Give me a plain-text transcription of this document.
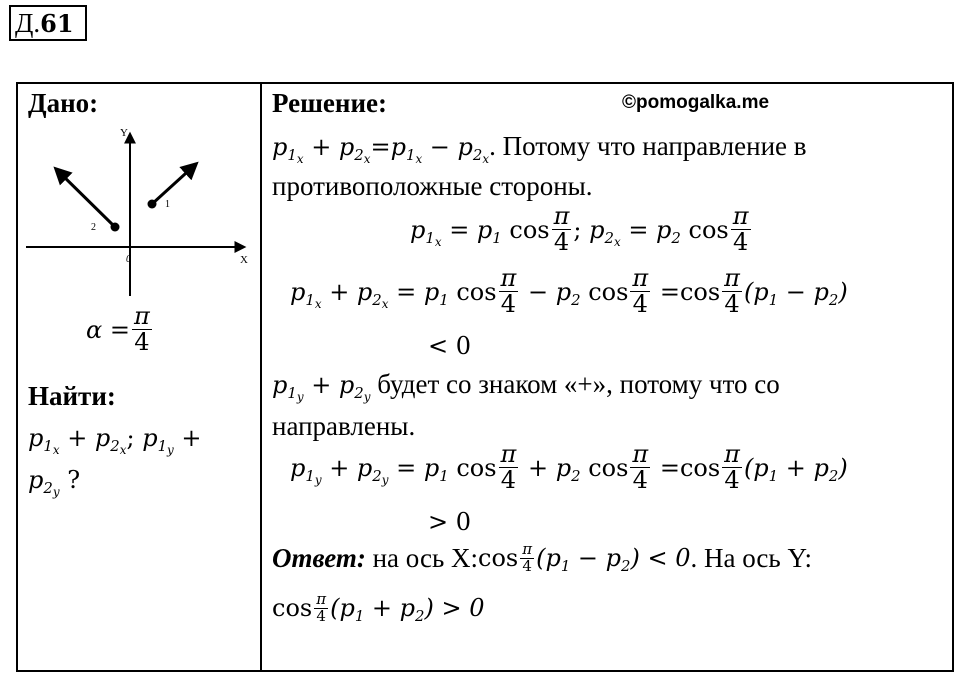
Д.61
Дано:
Y
X
0
1
2
$\alpha = \frac{\pi}{4}$
Найти:
$p_{1_x} + p_{2_x}$; $p_{1_y}$ +
$p_{2_y}$ ?
Решение:	©pomogalka.me
$p_{1_x} + p_{2_x}=p_{1_x} - p_{2_x}$. Потому что направление в
противоположные стороны.
$p_{1_x} = p_1$
cos π
4 ; $p_{2_x} = p_2$
cos π
4
$p_{1_x} + p_{2_x} = p_1$
cos π
$4 - p_2$
cos π
4 = cos π
4 $(p_1 - p_2)$
< 0
$p_{1_y} + p_{2_y}$ будет со знаком «+», потому что со
направлены.
$p_{1_y} + p_{2_y} = p_1$
cos π
$4 + p_2$
cos π
4 = cos π
4 $(p_1 + p_2)$
> 0
Ответ:
на ось X: cos π
4 $(p_1 - p_2) < 0$ . На ось Y:
cos π
4 $(p_1 + p_2) > 0$
